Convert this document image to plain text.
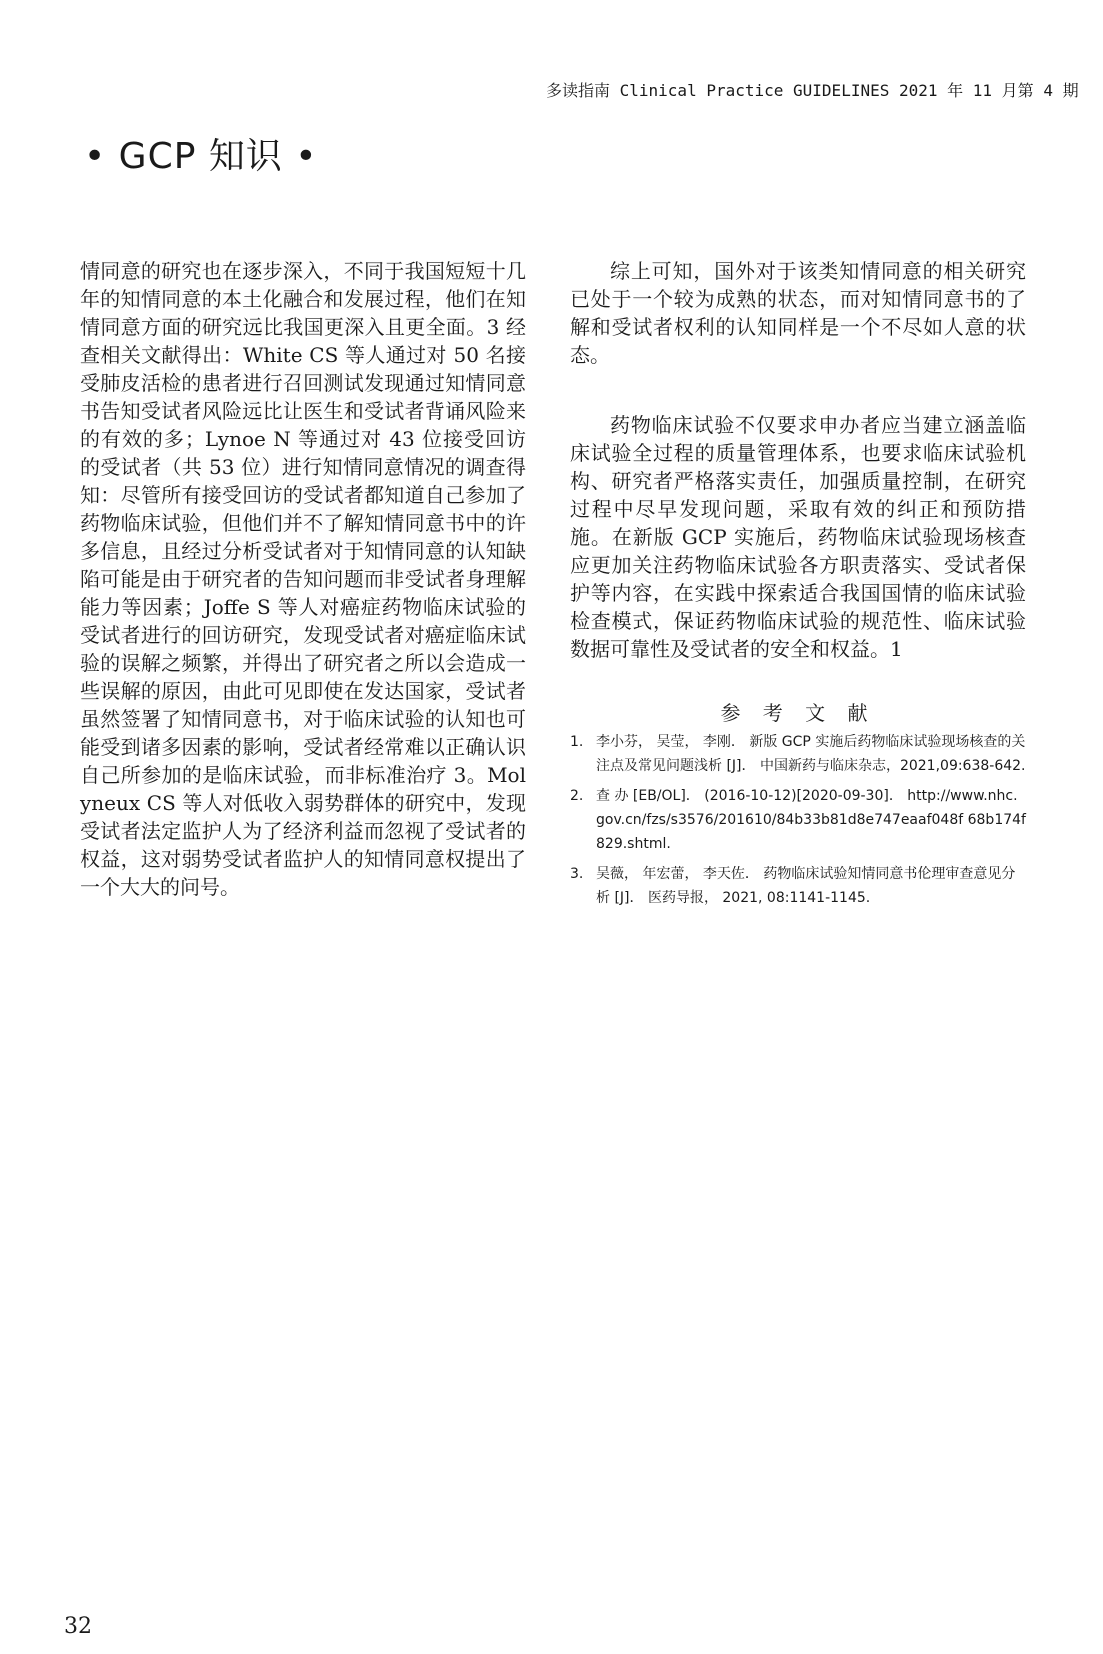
多读指南 Clinical Practice GUIDELINES 2021 年 11 月第 4 期
• GCP 知识 •

情同意的研究也在逐步深入，不同于我国短短十几年的知情同意的本土化融合和发展过程，他们在知情同意方面的研究远比我国更深入且更全面。3 经查相关文献得出：White CS 等人通过对 50 名接受肺皮活检的患者进行召回测试发现通过知情同意书告知受试者风险远比让医生和受试者背诵风险来的有效的多；Lynoe N 等通过对 43 位接受回访的受试者（共 53 位）进行知情同意情况的调查得知：尽管所有接受回访的受试者都知道自己参加了药物临床试验，但他们并不了解知情同意书中的许多信息，且经过分析受试者对于知情同意的认知缺陷可能是由于研究者的告知问题而非受试者身理解能力等因素；Joffe S 等人对癌症药物临床试验的受试者进行的回访研究，发现受试者对癌症临床试验的误解之频繁，并得出了研究者之所以会造成一些误解的原因，由此可见即使在发达国家，受试者虽然签署了知情同意书，对于临床试验的认知也可能受到诸多因素的影响，受试者经常难以正确认识自己所参加的是临床试验，而非标准治疗 3。Molyneux CS 等人对低收入弱势群体的研究中，发现受试者法定监护人为了经济利益而忽视了受试者的权益，这对弱势受试者监护人的知情同意权提出了一个大大的问号。

综上可知，国外对于该类知情同意的相关研究已处于一个较为成熟的状态，而对知情同意书的了解和受试者权利的认知同样是一个不尽如人意的状态。

药物临床试验不仅要求申办者应当建立涵盖临床试验全过程的质量管理体系，也要求临床试验机构、研究者严格落实责任，加强质量控制，在研究过程中尽早发现问题，采取有效的纠正和预防措施。在新版 GCP 实施后，药物临床试验现场核查应更加关注药物临床试验各方职责落实、受试者保护等内容，在实践中探索适合我国国情的临床试验检查模式，保证药物临床试验的规范性、临床试验数据可靠性及受试者的安全和权益。1

参 考 文 献
1. 李小芬， 吴莹， 李刚． 新版 GCP 实施后药物临床试验现场核查的关注点及常见问题浅析 [J]． 中国新药与临床杂志，2021,09:638-642.
2. 查 办 [EB/OL]． (2016-10-12)[2020-09-30]． http://www.nhc.gov.cn/fzs/s3576/201610/84b33b81d8e747eaaf048f 68b174f829.shtml.
3. 吴薇， 年宏蕾， 李天佐． 药物临床试验知情同意书伦理审查意见分析 [J]． 医药导报， 2021, 08:1141-1145.
32
